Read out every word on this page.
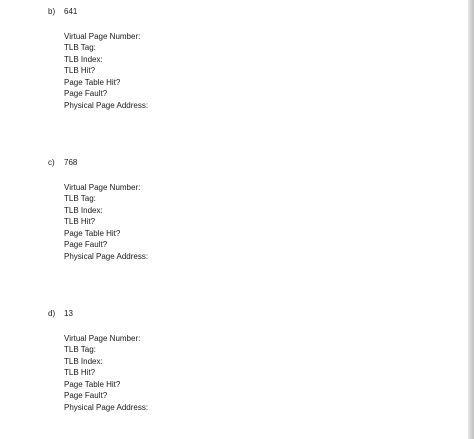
b) 641
Virtual Page Number:
TLB Tag:
TLB Index:
TLB Hit?
Page Table Hit?
Page Fault?
Physical Page Address:
c) 768
Virtual Page Number:
TLB Tag:
TLB Index:
TLB Hit?
Page Table Hit?
Page Fault?
Physical Page Address:
d) 13
Virtual Page Number:
TLB Tag:
TLB Index:
TLB Hit?
Page Table Hit?
Page Fault?
Physical Page Address:
